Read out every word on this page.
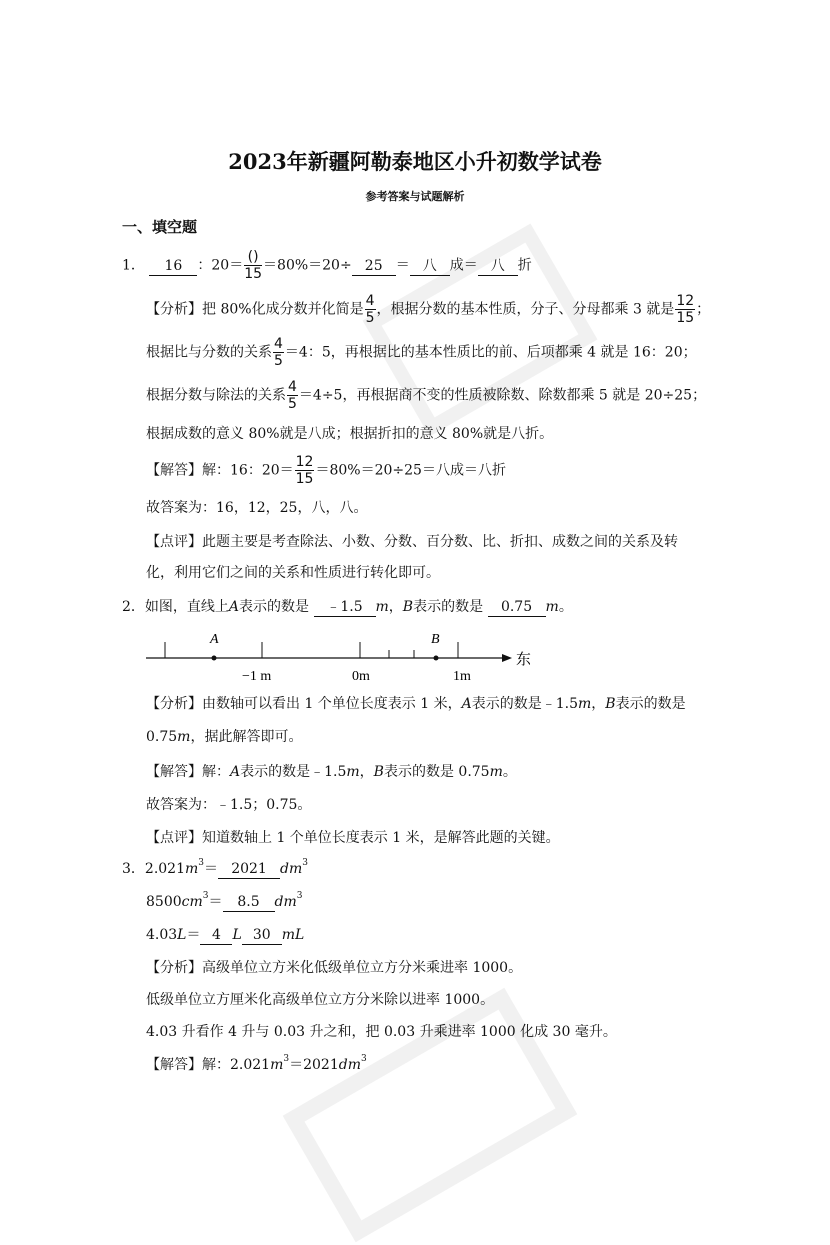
2023年新疆阿勒泰地区小升初数学试卷
参考答案与试题解析
一、填空题
1． 16 ：$20= \frac{()}{15} =80\%=20\div 25$ ＝ 八 成＝ 八 折
【分析】把 80%化成分数并化简是 $\frac{4}{5}$ ，根据分数的基本性质，分子、分母都乘 3 就是 $\frac{12}{15}$ ；
根据比与分数的关系 $\frac{4}{5} =4$：5，再根据比的基本性质比的前、后项都乘 4 就是 16：20；
根据分数与除法的关系 $\frac{4}{5} =4\div 5$，再根据商不变的性质被除数、除数都乘 5 就是 20÷25；
根据成数的意义 80%就是八成；根据折扣的意义 80%就是八折。
【解答】解：16：$20= \frac{12}{15} =80\%=20\div 25=$八成＝八折
故答案为：16，12，25，八，八。
【点评】此题主要是考查除法、小数、分数、百分数、比、折扣、成数之间的关系及转
化，利用它们之间的关系和性质进行转化即可。
2．如图，直线上A表示的数是 ﹣1.5 m，B表示的数是 0.75 m。
A	B
−1 m	0m	1m
东
【分析】由数轴可以看出 1 个单位长度表示 1 米，A表示的数是﹣1.5m，B表示的数是
0.75m，据此解答即可。
【解答】解：A表示的数是﹣1.5m，B表示的数是 0.75m。
故答案为：﹣1.5；0.75。
【点评】知道数轴上 1 个单位长度表示 1 米，是解答此题的关键。
3．$2.021m^3= 2021$ $dm^3$
$8500cm^3= 8.5$ $dm^3$
4.03L＝ 4 L 30 mL
【分析】高级单位立方米化低级单位立方分米乘进率 1000。
低级单位立方厘米化高级单位立方分米除以进率 1000。
4.03 升看作 4 升与 0.03 升之和，把 0.03 升乘进率 1000 化成 30 毫升。
【解答】解：$2.021m^3=2021dm^3$
